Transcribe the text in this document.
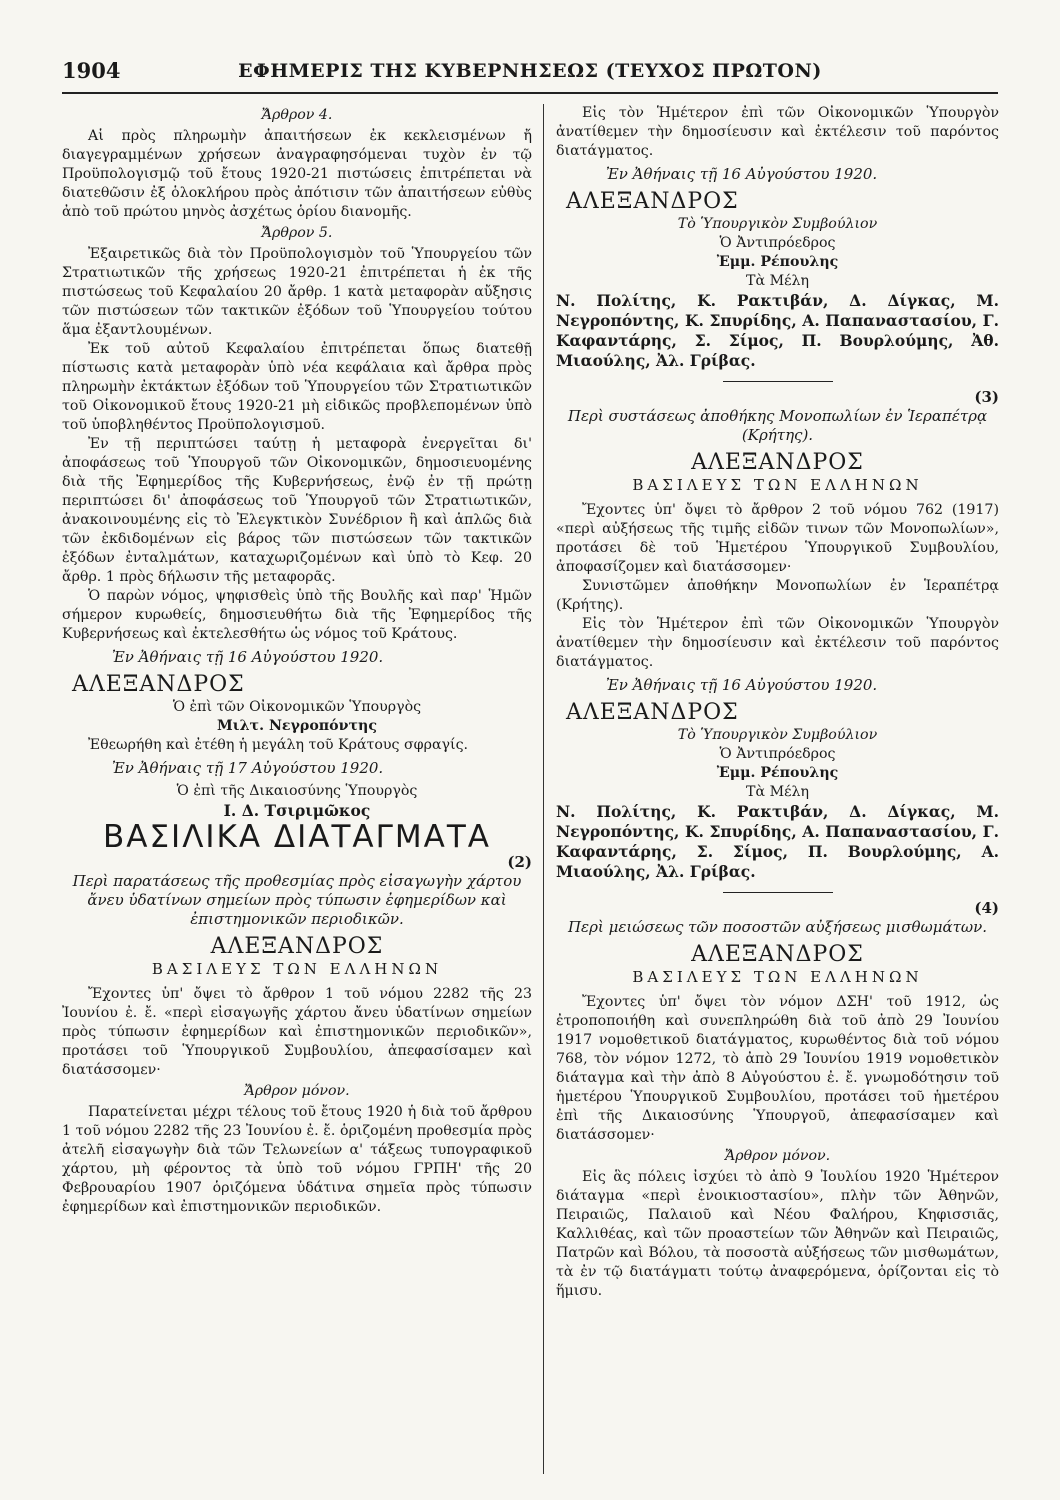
1904	ΕΦΗΜΕΡΙΣ ΤΗΣ ΚΥΒΕΡΝΗΣΕΩΣ (ΤΕΥΧΟΣ ΠΡΩΤΟΝ)

Ἄρθρον 4.

Αἱ πρὸς πληρωμὴν ἀπαιτήσεων ἐκ κεκλεισμένων ἤ διαγεγραμμένων χρήσεων ἀναγραφησόμεναι τυχὸν ἐν τῷ Προϋπολογισμῷ τοῦ ἔτους 1920-21 πιστώσεις ἐπιτρέπεται νὰ διατεθῶσιν ἐξ ὁλοκλήρου πρὸς ἀπότισιν τῶν ἀπαιτήσεων εὐθὺς ἀπὸ τοῦ πρώτου μηνὸς ἀσχέτως ὁρίου διανομῆς.

Ἄρθρον 5.

Ἐξαιρετικῶς διὰ τὸν Προϋπολογισμὸν τοῦ Ὑπουργείου τῶν Στρατιωτικῶν τῆς χρήσεως 1920-21 ἐπιτρέπεται ἡ ἐκ τῆς πιστώσεως τοῦ Κεφαλαίου 20 ἄρθρ. 1 κατὰ μεταφορὰν αὔξησις τῶν πιστώσεων τῶν τακτικῶν ἐξόδων τοῦ Ὑπουργείου τούτου ἅμα ἐξαντλουμένων.

Ἐκ τοῦ αὐτοῦ Κεφαλαίου ἐπιτρέπεται ὅπως διατεθῇ πίστωσις κατὰ μεταφορὰν ὑπὸ νέα κεφάλαια καὶ ἄρθρα πρὸς πληρωμὴν ἐκτάκτων ἐξόδων τοῦ Ὑπουργείου τῶν Στρατιωτικῶν τοῦ Οἰκονομικοῦ ἔτους 1920-21 μὴ εἰδικῶς προβλεπομένων ὑπὸ τοῦ ὑποβληθέντος Προϋπολογισμοῦ.

Ἐν τῇ περιπτώσει ταύτῃ ἡ μεταφορὰ ἐνεργεῖται δι' ἀποφάσεως τοῦ Ὑπουργοῦ τῶν Οἰκονομικῶν, δημοσιευομένης διὰ τῆς Ἐφημερίδος τῆς Κυβερνήσεως, ἐνῷ ἐν τῇ πρώτῃ περιπτώσει δι' ἀποφάσεως τοῦ Ὑπουργοῦ τῶν Στρατιωτικῶν, ἀνακοινουμένης εἰς τὸ Ἐλεγκτικὸν Συνέδριον ἢ καὶ ἁπλῶς διὰ τῶν ἐκδιδομένων εἰς βάρος τῶν πιστώσεων τῶν τακτικῶν ἐξόδων ἐνταλμάτων, καταχωριζομένων καὶ ὑπὸ τὸ Κεφ. 20 ἄρθρ. 1 πρὸς δήλωσιν τῆς μεταφορᾶς.

Ὁ παρὼν νόμος, ψηφισθεὶς ὑπὸ τῆς Βουλῆς καὶ παρ' Ἡμῶν σήμερον κυρωθείς, δημοσιευθήτω διὰ τῆς Ἐφημερίδος τῆς Κυβερνήσεως καὶ ἐκτελεσθήτω ὡς νόμος τοῦ Κράτους.

Ἐν Ἀθήναις τῇ 16 Αὐγούστου 1920.

ΑΛΕΞΑΝΔΡΟΣ
Ὁ ἐπὶ τῶν Οἰκονομικῶν Ὑπουργὸς
Μιλτ. Νεγροπόντης

Ἐθεωρήθη καὶ ἐτέθη ἡ μεγάλη τοῦ Κράτους σφραγίς.

Ἐν Ἀθήναις τῇ 17 Αὐγούστου 1920.

Ὁ ἐπὶ τῆς Δικαιοσύνης Ὑπουργὸς
Ι. Δ. Τσιριμῶκος
ΒΑΣΙΛΙΚΑ ΔΙΑΤΑΓΜΑΤΑ
(2)
Περὶ παρατάσεως τῆς προθεσμίας πρὸς εἰσαγωγὴν χάρτου ἄνευ ὑδατίνων σημείων πρὸς τύπωσιν ἐφημερίδων καὶ ἐπιστημονικῶν περιοδικῶν.
ΑΛΕΞΑΝΔΡΟΣ
ΒΑΣΙΛΕΥΣ ΤΩΝ ΕΛΛΗΝΩΝ

Ἔχοντες ὑπ' ὄψει τὸ ἄρθρον 1 τοῦ νόμου 2282 τῆς 23 Ἰουνίου ἐ. ἔ. «περὶ εἰσαγωγῆς χάρτου ἄνευ ὑδατίνων σημείων πρὸς τύπωσιν ἐφημερίδων καὶ ἐπιστημονικῶν περιοδικῶν», προτάσει τοῦ Ὑπουργικοῦ Συμβουλίου, ἀπεφασίσαμεν καὶ διατάσσομεν·

Ἄρθρον μόνον.

Παρατείνεται μέχρι τέλους τοῦ ἔτους 1920 ἡ διὰ τοῦ ἄρθρου 1 τοῦ νόμου 2282 τῆς 23 Ἰουνίου ἐ. ἔ. ὁριζομένη προθεσμία πρὸς ἀτελῆ εἰσαγωγὴν διὰ τῶν Τελωνείων α' τάξεως τυπογραφικοῦ χάρτου, μὴ φέροντος τὰ ὑπὸ τοῦ νόμου ΓΡΠΗ' τῆς 20 Φεβρουαρίου 1907 ὁριζόμενα ὑδάτινα σημεῖα πρὸς τύπωσιν ἐφημερίδων καὶ ἐπιστημονικῶν περιοδικῶν.

Εἰς τὸν Ἡμέτερον ἐπὶ τῶν Οἰκονομικῶν Ὑπουργὸν ἀνατίθεμεν τὴν δημοσίευσιν καὶ ἐκτέλεσιν τοῦ παρόντος διατάγματος.

Ἐν Ἀθήναις τῇ 16 Αὐγούστου 1920.

ΑΛΕΞΑΝΔΡΟΣ
Τὸ Ὑπουργικὸν Συμβούλιον
Ὁ Ἀντιπρόεδρος
Ἐμμ. Ρέπουλης
Τὰ Μέλη

Ν. Πολίτης, Κ. Ρακτιβάν, Δ. Δίγκας, Μ. Νεγροπόντης, Κ. Σπυρίδης, Α. Παπαναστασίου, Γ. Καφαντάρης, Σ. Σίμος, Π. Βουρλούμης, Ἀθ. Μιαούλης, Ἀλ. Γρίβας.

(3)
Περὶ συστάσεως ἀποθήκης Μονοπωλίων ἐν Ἱεραπέτρᾳ (Κρήτης).
ΑΛΕΞΑΝΔΡΟΣ
ΒΑΣΙΛΕΥΣ ΤΩΝ ΕΛΛΗΝΩΝ

Ἔχοντες ὑπ' ὄψει τὸ ἄρθρον 2 τοῦ νόμου 762 (1917) «περὶ αὐξήσεως τῆς τιμῆς εἰδῶν τινων τῶν Μονοπωλίων», προτάσει δὲ τοῦ Ἡμετέρου Ὑπουργικοῦ Συμβουλίου, ἀποφασίζομεν καὶ διατάσσομεν·

Συνιστῶμεν ἀποθήκην Μονοπωλίων ἐν Ἱεραπέτρᾳ (Κρήτης).

Εἰς τὸν Ἡμέτερον ἐπὶ τῶν Οἰκονομικῶν Ὑπουργὸν ἀνατίθεμεν τὴν δημοσίευσιν καὶ ἐκτέλεσιν τοῦ παρόντος διατάγματος.

Ἐν Ἀθήναις τῇ 16 Αὐγούστου 1920.

ΑΛΕΞΑΝΔΡΟΣ
Τὸ Ὑπουργικὸν Συμβούλιον
Ὁ Ἀντιπρόεδρος
Ἐμμ. Ρέπουλης
Τὰ Μέλη

Ν. Πολίτης, Κ. Ρακτιβάν, Δ. Δίγκας, Μ. Νεγροπόντης, Κ. Σπυρίδης, Α. Παπαναστασίου, Γ. Καφαντάρης, Σ. Σίμος, Π. Βουρλούμης, Α. Μιαούλης, Ἀλ. Γρίβας.

(4)
Περὶ μειώσεως τῶν ποσοστῶν αὐξήσεως μισθωμάτων.
ΑΛΕΞΑΝΔΡΟΣ
ΒΑΣΙΛΕΥΣ ΤΩΝ ΕΛΛΗΝΩΝ

Ἔχοντες ὑπ' ὄψει τὸν νόμον ΔΣΗ' τοῦ 1912, ὡς ἐτροποποιήθη καὶ συνεπληρώθη διὰ τοῦ ἀπὸ 29 Ἰουνίου 1917 νομοθετικοῦ διατάγματος, κυρωθέντος διὰ τοῦ νόμου 768, τὸν νόμον 1272, τὸ ἀπὸ 29 Ἰουνίου 1919 νομοθετικὸν διάταγμα καὶ τὴν ἀπὸ 8 Αὐγούστου ἐ. ἔ. γνωμοδότησιν τοῦ ἡμετέρου Ὑπουργικοῦ Συμβουλίου, προτάσει τοῦ ἡμετέρου ἐπὶ τῆς Δικαιοσύνης Ὑπουργοῦ, ἀπεφασίσαμεν καὶ διατάσσομεν·

Ἄρθρον μόνον.

Εἰς ἃς πόλεις ἰσχύει τὸ ἀπὸ 9 Ἰουλίου 1920 Ἡμέτερον διάταγμα «περὶ ἐνοικιοστασίου», πλὴν τῶν Ἀθηνῶν, Πειραιῶς, Παλαιοῦ καὶ Νέου Φαλήρου, Κηφισσιᾶς, Καλλιθέας, καὶ τῶν προαστείων τῶν Ἀθηνῶν καὶ Πειραιῶς, Πατρῶν καὶ Βόλου, τὰ ποσοστὰ αὐξήσεως τῶν μισθωμάτων, τὰ ἐν τῷ διατάγματι τούτῳ ἀναφερόμενα, ὁρίζονται εἰς τὸ ἥμισυ.
